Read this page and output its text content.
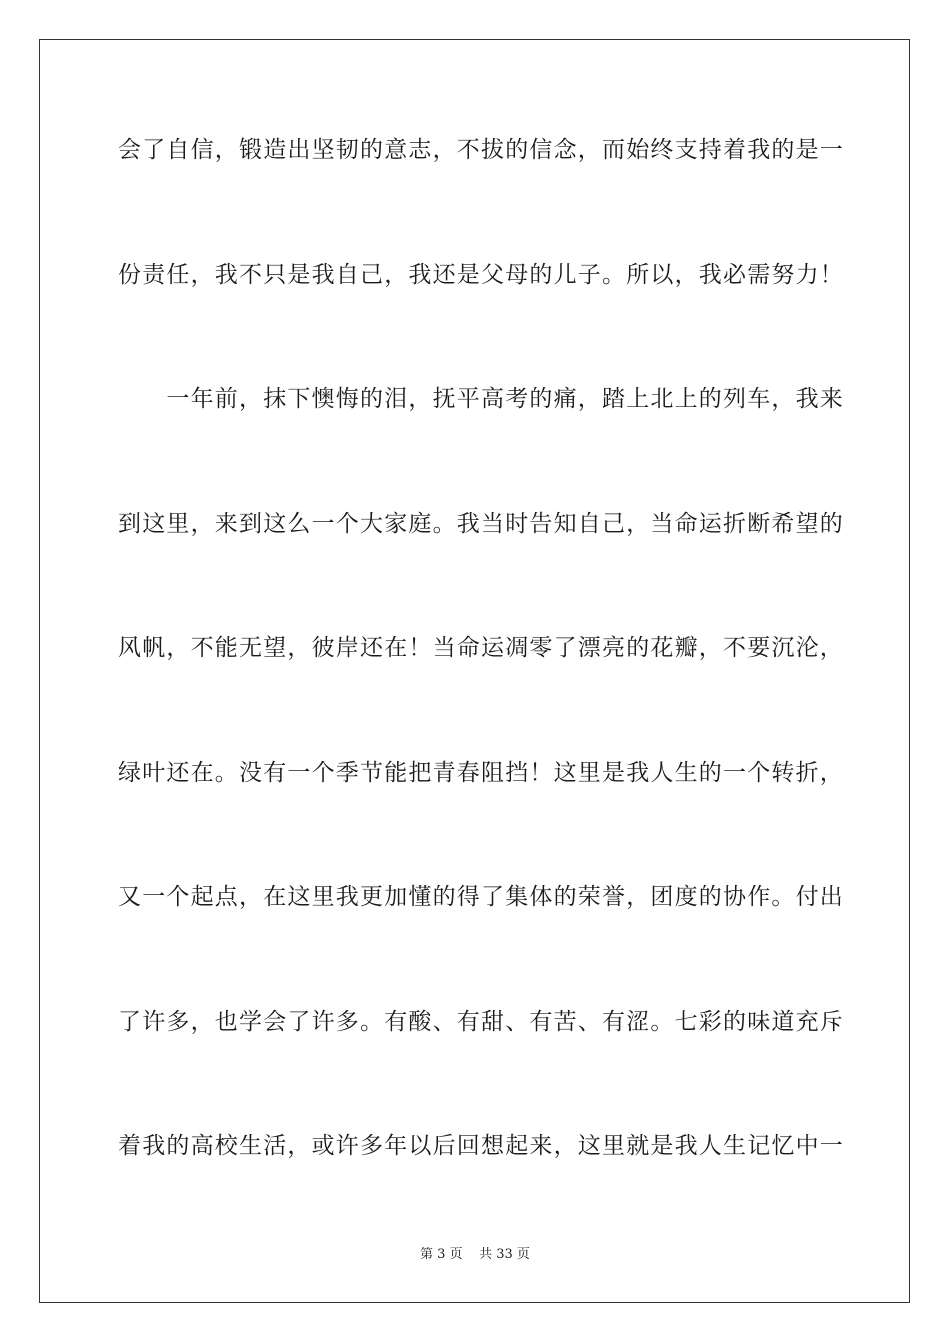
会了自信，锻造出坚韧的意志，不拔的信念，而始终支持着我的是一
份责任，我不只是我自己，我还是父母的儿子。所以，我必需努力！
　　一年前，抹下懊悔的泪，抚平高考的痛，踏上北上的列车，我来
到这里，来到这么一个大家庭。我当时告知自己，当命运折断希望的
风帆，不能无望，彼岸还在！当命运凋零了漂亮的花瓣，不要沉沦，
绿叶还在。没有一个季节能把青春阻挡！这里是我人生的一个转折，
又一个起点，在这里我更加懂的得了集体的荣誉，团度的协作。付出
了许多，也学会了许多。有酸、有甜、有苦、有涩。七彩的味道充斥
着我的高校生活，或许多年以后回想起来，这里就是我人生记忆中一
第 3 页 共 33 页
